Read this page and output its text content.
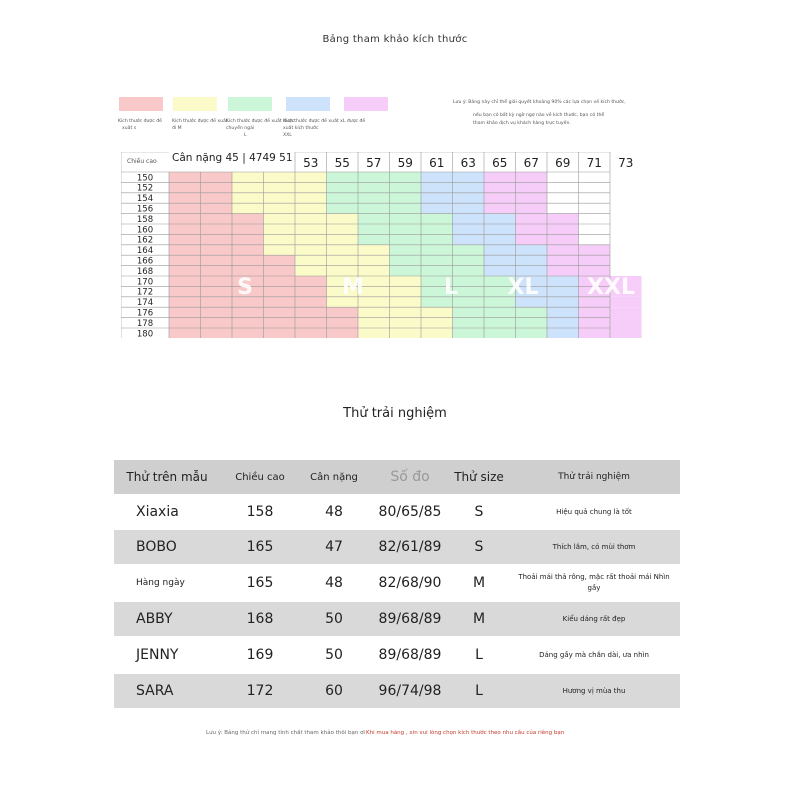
Bảng tham khảo kích thước
Kích thước được đề
xuất s
Kích thước được đề xuất
đi M
Kích thước được đề xuất được chuyển ngài
L
Kích thước được đề xuất xL được đề xuất kích thước
XXL
Lưu ý: Bảng này chỉ thể giải quyết khoảng 90% các lựa chọn về kích thước,
nếu bạn có bất kỳ ngờ ngợ nào về kích thước, bạn có thể
tham khảo dịch vụ khách hàng trực tuyến.
Chiều cao Cân nặng 45 | 4749 51 53 55 57 59 61 63 65 67 69 71 73
150
152
154
156
158
160
162
164
166
168
170
172
174
176
178
180
S	M	L XL XXL
Thử trải nghiệm
Thử trên mẫu	Chiều cao	Cân nặng	Số đo	Thử size	Thử trải nghiệm
Xiaxia	158	48	80/65/85	S	Hiệu quả chung là tốt
BOBO	165	47	82/61/89	S	Thích lắm, có mùi thơm
Hàng ngày	165	48	82/68/90	M	Thoải mái thả rông, mặc rất thoải mái Nhìn gầy
ABBY	168	50	89/68/89	M	Kiểu dáng rất đẹp
JENNY	169	50	89/68/89	L	Dáng gầy mà chắn dài, ưa nhìn
SARA	172	60	96/74/98	L	Hương vị mùa thu
Lưu ý: Bảng thử chỉ mang tính chất tham khảo thôi bạn ơi Khi mua hàng , xin vui lòng chọn kích thước theo nhu cầu của riêng bạn
